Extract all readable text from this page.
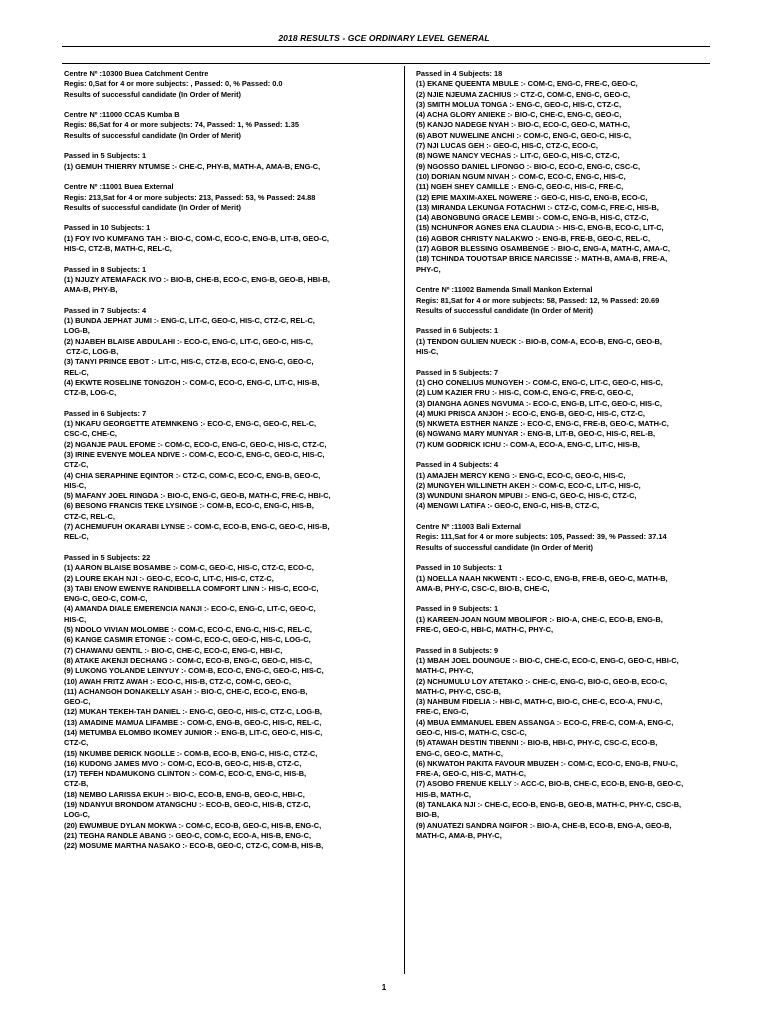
2018 RESULTS - GCE ORDINARY LEVEL GENERAL
Centre Nº :10300 Buea Catchment Centre
Regis: 0,Sat for 4 or more subjects: , Passed: 0, % Passed: 0.0
Results of successful candidate (In Order of Merit)
Centre Nº :11000 CCAS Kumba B
Regis: 86,Sat for 4 or more subjects: 74, Passed: 1, % Passed: 1.35
Results of successful candidate (In Order of Merit)
Passed in 5 Subjects: 1
(1) GEMUH THIERRY NTUMSE :- CHE-C, PHY-B, MATH-A, AMA-B, ENG-C,
Centre Nº :11001 Buea External
Regis: 213,Sat for 4 or more subjects: 213, Passed: 53, % Passed: 24.88
Results of successful candidate (In Order of Merit)
Passed in 10 Subjects: 1
(1) FOY IVO KUMFANG TAH :- BIO-C, COM-C, ECO-C, ENG-B, LIT-B, GEO-C,
HIS-C, CTZ-B, MATH-C, REL-C,
Passed in 8 Subjects: 1
(1) NJUZY ATEMAFACK IVO :- BIO-B, CHE-B, ECO-C, ENG-B, GEO-B, HBI-B,
AMA-B, PHY-B,
Passed in 7 Subjects: 4
(1) BUNDA JEPHAT JUMI :- ENG-C, LIT-C, GEO-C, HIS-C, CTZ-C, REL-C,
LOG-B,
(2) NJABEH BLAISE ABDULAHI :- ECO-C, ENG-C, LIT-C, GEO-C, HIS-C,
CTZ-C, LOG-B,
(3) TANYI PRINCE EBOT :- LIT-C, HIS-C, CTZ-B, ECO-C, ENG-C, GEO-C,
REL-C,
(4) EKWTE ROSELINE TONGZOH :- COM-C, ECO-C, ENG-C, LIT-C, HIS-B,
CTZ-B, LOG-C,
Passed in 6 Subjects: 7
(1) NKAFU GEORGETTE ATEMNKENG :- ECO-C, ENG-C, GEO-C, REL-C,
CSC-C, CHE-C,
(2) NGANJE PAUL EFOME :- COM-C, ECO-C, ENG-C, GEO-C, HIS-C, CTZ-C,
(3) IRINE EVENYE MOLEA NDIVE :- COM-C, ECO-C, ENG-C, GEO-C, HIS-C,
CTZ-C,
(4) CHIA SERAPHINE EQINTOR :- CTZ-C, COM-C, ECO-C, ENG-B, GEO-C,
HIS-C,
(5) MAFANY JOEL RINGDA :- BIO-C, ENG-C, GEO-B, MATH-C, FRE-C, HBI-C,
(6) BESONG FRANCIS TEKE LYSINGE :- COM-B, ECO-C, ENG-C, HIS-B,
CTZ-C, REL-C,
(7) ACHEMUFUH OKARABI LYNSE :- COM-C, ECO-B, ENG-C, GEO-C, HIS-B,
REL-C,
Passed in 5 Subjects: 22
(1) AARON BLAISE BOSAMBE :- COM-C, GEO-C, HIS-C, CTZ-C, ECO-C,
(2) LOURE EKAH NJI :- GEO-C, ECO-C, LIT-C, HIS-C, CTZ-C,
(3) TABI ENOW EWENYE RANDIBELLA COMFORT LINN :- HIS-C, ECO-C,
ENG-C, GEO-C, COM-C,
(4) AMANDA DIALE EMERENCIA NANJI :- ECO-C, ENG-C, LIT-C, GEO-C,
HIS-C,
(5) NDOLO VIVIAN MOLOMBE :- COM-C, ECO-C, ENG-C, HIS-C, REL-C,
(6) KANGE CASMIR ETONGE :- COM-C, ECO-C, GEO-C, HIS-C, LOG-C,
(7) CHAWANU GENTIL :- BIO-C, CHE-C, ECO-C, ENG-C, HBI-C,
(8) ATAKE AKENJI DECHANG :- COM-C, ECO-B, ENG-C, GEO-C, HIS-C,
(9) LUKONG YOLANDE LEINYUY :- COM-B, ECO-C, ENG-C, GEO-C, HIS-C,
(10) AWAH FRITZ AWAH :- ECO-C, HIS-B, CTZ-C, COM-C, GEO-C,
(11) ACHANGOH DONAKELLY ASAH :- BIO-C, CHE-C, ECO-C, ENG-B,
GEO-C,
(12) MUKAH TEKEH-TAH DANIEL :- ENG-C, GEO-C, HIS-C, CTZ-C, LOG-B,
(13) AMADINE MAMUA LIFAMBE :- COM-C, ENG-B, GEO-C, HIS-C, REL-C,
(14) METUMBA ELOMBO IKOMEY JUNIOR :- ENG-B, LIT-C, GEO-C, HIS-C,
CTZ-C,
(15) NKUMBE DERICK NGOLLE :- COM-B, ECO-B, ENG-C, HIS-C, CTZ-C,
(16) KUDONG JAMES MVO :- COM-C, ECO-B, GEO-C, HIS-B, CTZ-C,
(17) TEFEH NDAMUKONG CLINTON :- COM-C, ECO-C, ENG-C, HIS-B,
CTZ-B,
(18) NEMBO LARISSA EKUH :- BIO-C, ECO-B, ENG-B, GEO-C, HBI-C,
(19) NDANYUI BRONDOM ATANGCHU :- ECO-B, GEO-C, HIS-B, CTZ-C,
LOG-C,
(20) EWUMBUE DYLAN MOKWA :- COM-C, ECO-B, GEO-C, HIS-B, ENG-C,
(21) TEGHA RANDLE ABANG :- GEO-C, COM-C, ECO-A, HIS-B, ENG-C,
(22) MOSUME MARTHA NASAKO :- ECO-B, GEO-C, CTZ-C, COM-B, HIS-B,
Passed in 4 Subjects: 18
(1) EKANE QUEENTA MBULE :- COM-C, ENG-C, FRE-C, GEO-C,
(2) NJIE NJEUMA ZACHIUS :- CTZ-C, COM-C, ENG-C, GEO-C,
(3) SMITH MOLUA TONGA :- ENG-C, GEO-C, HIS-C, CTZ-C,
(4) ACHA GLORY ANIEKE :- BIO-C, CHE-C, ENG-C, GEO-C,
(5) KANJO NADEGE NYAH :- BIO-C, ECO-C, GEO-C, MATH-C,
(6) ABOT NUWELINE ANCHI :- COM-C, ENG-C, GEO-C, HIS-C,
(7) NJI LUCAS GEH :- GEO-C, HIS-C, CTZ-C, ECO-C,
(8) NGWE NANCY VECHAS :- LIT-C, GEO-C, HIS-C, CTZ-C,
(9) NGOSSO DANIEL LIFONGO :- BIO-C, ECO-C, ENG-C, CSC-C,
(10) DORIAN NGUM NIVAH :- COM-C, ECO-C, ENG-C, HIS-C,
(11) NGEH SHEY CAMILLE :- ENG-C, GEO-C, HIS-C, FRE-C,
(12) EPIE MAXIM-AXEL NGWERE :- GEO-C, HIS-C, ENG-B, ECO-C,
(13) MIRANDA LEKUNGA FOTACHWI :- CTZ-C, COM-C, FRE-C, HIS-B,
(14) ABONGBUNG GRACE LEMBI :- COM-C, ENG-B, HIS-C, CTZ-C,
(15) NCHUNFOR AGNES ENA CLAUDIA :- HIS-C, ENG-B, ECO-C, LIT-C,
(16) AGBOR CHRISTY NALAKWO :- ENG-B, FRE-B, GEO-C, REL-C,
(17) AGBOR BLESSING OSAMBENGE :- BIO-C, ENG-A, MATH-C, AMA-C,
(18) TCHINDA TOUOTSAP BRICE NARCISSE :- MATH-B, AMA-B, FRE-A,
PHY-C,
Centre Nº :11002 Bamenda Small Mankon External
Regis: 81,Sat for 4 or more subjects: 58, Passed: 12, % Passed: 20.69
Results of successful candidate (In Order of Merit)
Passed in 6 Subjects: 1
(1) TENDON GULIEN NUECK :- BIO-B, COM-A, ECO-B, ENG-C, GEO-B,
HIS-C,
Passed in 5 Subjects: 7
(1) CHO CONELIUS MUNGYEH :- COM-C, ENG-C, LIT-C, GEO-C, HIS-C,
(2) LUM KAZIER FRU :- HIS-C, COM-C, ENG-C, FRE-C, GEO-C,
(3) DIANGHA AGNES NGVUMA :- ECO-C, ENG-B, LIT-C, GEO-C, HIS-C,
(4) MUKI PRISCA ANJOH :- ECO-C, ENG-B, GEO-C, HIS-C, CTZ-C,
(5) NKWETA ESTHER NANZE :- ECO-C, ENG-C, FRE-B, GEO-C, MATH-C,
(6) NGWANG MARY MUNYAR :- ENG-B, LIT-B, GEO-C, HIS-C, REL-B,
(7) KUM GODRICK ICHU :- COM-A, ECO-A, ENG-C, LIT-C, HIS-B,
Passed in 4 Subjects: 4
(1) AMAJEH MERCY KENG :- ENG-C, ECO-C, GEO-C, HIS-C,
(2) MUNGYEH WILLINETH AKEH :- COM-C, ECO-C, LIT-C, HIS-C,
(3) WUNDUNI SHARON MPUBI :- ENG-C, GEO-C, HIS-C, CTZ-C,
(4) MENGWI LATIFA :- GEO-C, ENG-C, HIS-B, CTZ-C,
Centre Nº :11003 Bali External
Regis: 111,Sat for 4 or more subjects: 105, Passed: 39, % Passed: 37.14
Results of successful candidate (In Order of Merit)
Passed in 10 Subjects: 1
(1) NOELLA NAAH NKWENTI :- ECO-C, ENG-B, FRE-B, GEO-C, MATH-B,
AMA-B, PHY-C, CSC-C, BIO-B, CHE-C,
Passed in 9 Subjects: 1
(1) KAREEN-JOAN NGUM MBOLIFOR :- BIO-A, CHE-C, ECO-B, ENG-B,
FRE-C, GEO-C, HBI-C, MATH-C, PHY-C,
Passed in 8 Subjects: 9
(1) MBAH JOEL DOUNGUE :- BIO-C, CHE-C, ECO-C, ENG-C, GEO-C, HBI-C,
MATH-C, PHY-C,
(2) NCHUMULU LOY ATETAKO :- CHE-C, ENG-C, BIO-C, GEO-B, ECO-C,
MATH-C, PHY-C, CSC-B,
(3) NAHBUM FIDELIA :- HBI-C, MATH-C, BIO-C, CHE-C, ECO-A, FNU-C,
FRE-C, ENG-C,
(4) MBUA EMMANUEL EBEN ASSANGA :- ECO-C, FRE-C, COM-A, ENG-C,
GEO-C, HIS-C, MATH-C, CSC-C,
(5) ATAWAH DESTIN TIBENNI :- BIO-B, HBI-C, PHY-C, CSC-C, ECO-B,
ENG-C, GEO-C, MATH-C,
(6) NKWATOH PAKITA FAVOUR MBUZEH :- COM-C, ECO-C, ENG-B, FNU-C,
FRE-A, GEO-C, HIS-C, MATH-C,
(7) ASOBO FRENUE KELLY :- ACC-C, BIO-B, CHE-C, ECO-B, ENG-B, GEO-C,
HIS-B, MATH-C,
(8) TANLAKA NJI :- CHE-C, ECO-B, ENG-B, GEO-B, MATH-C, PHY-C, CSC-B,
BIO-B,
(9) ANUATEZI SANDRA NGIFOR :- BIO-A, CHE-B, ECO-B, ENG-A, GEO-B,
MATH-C, AMA-B, PHY-C,
1
